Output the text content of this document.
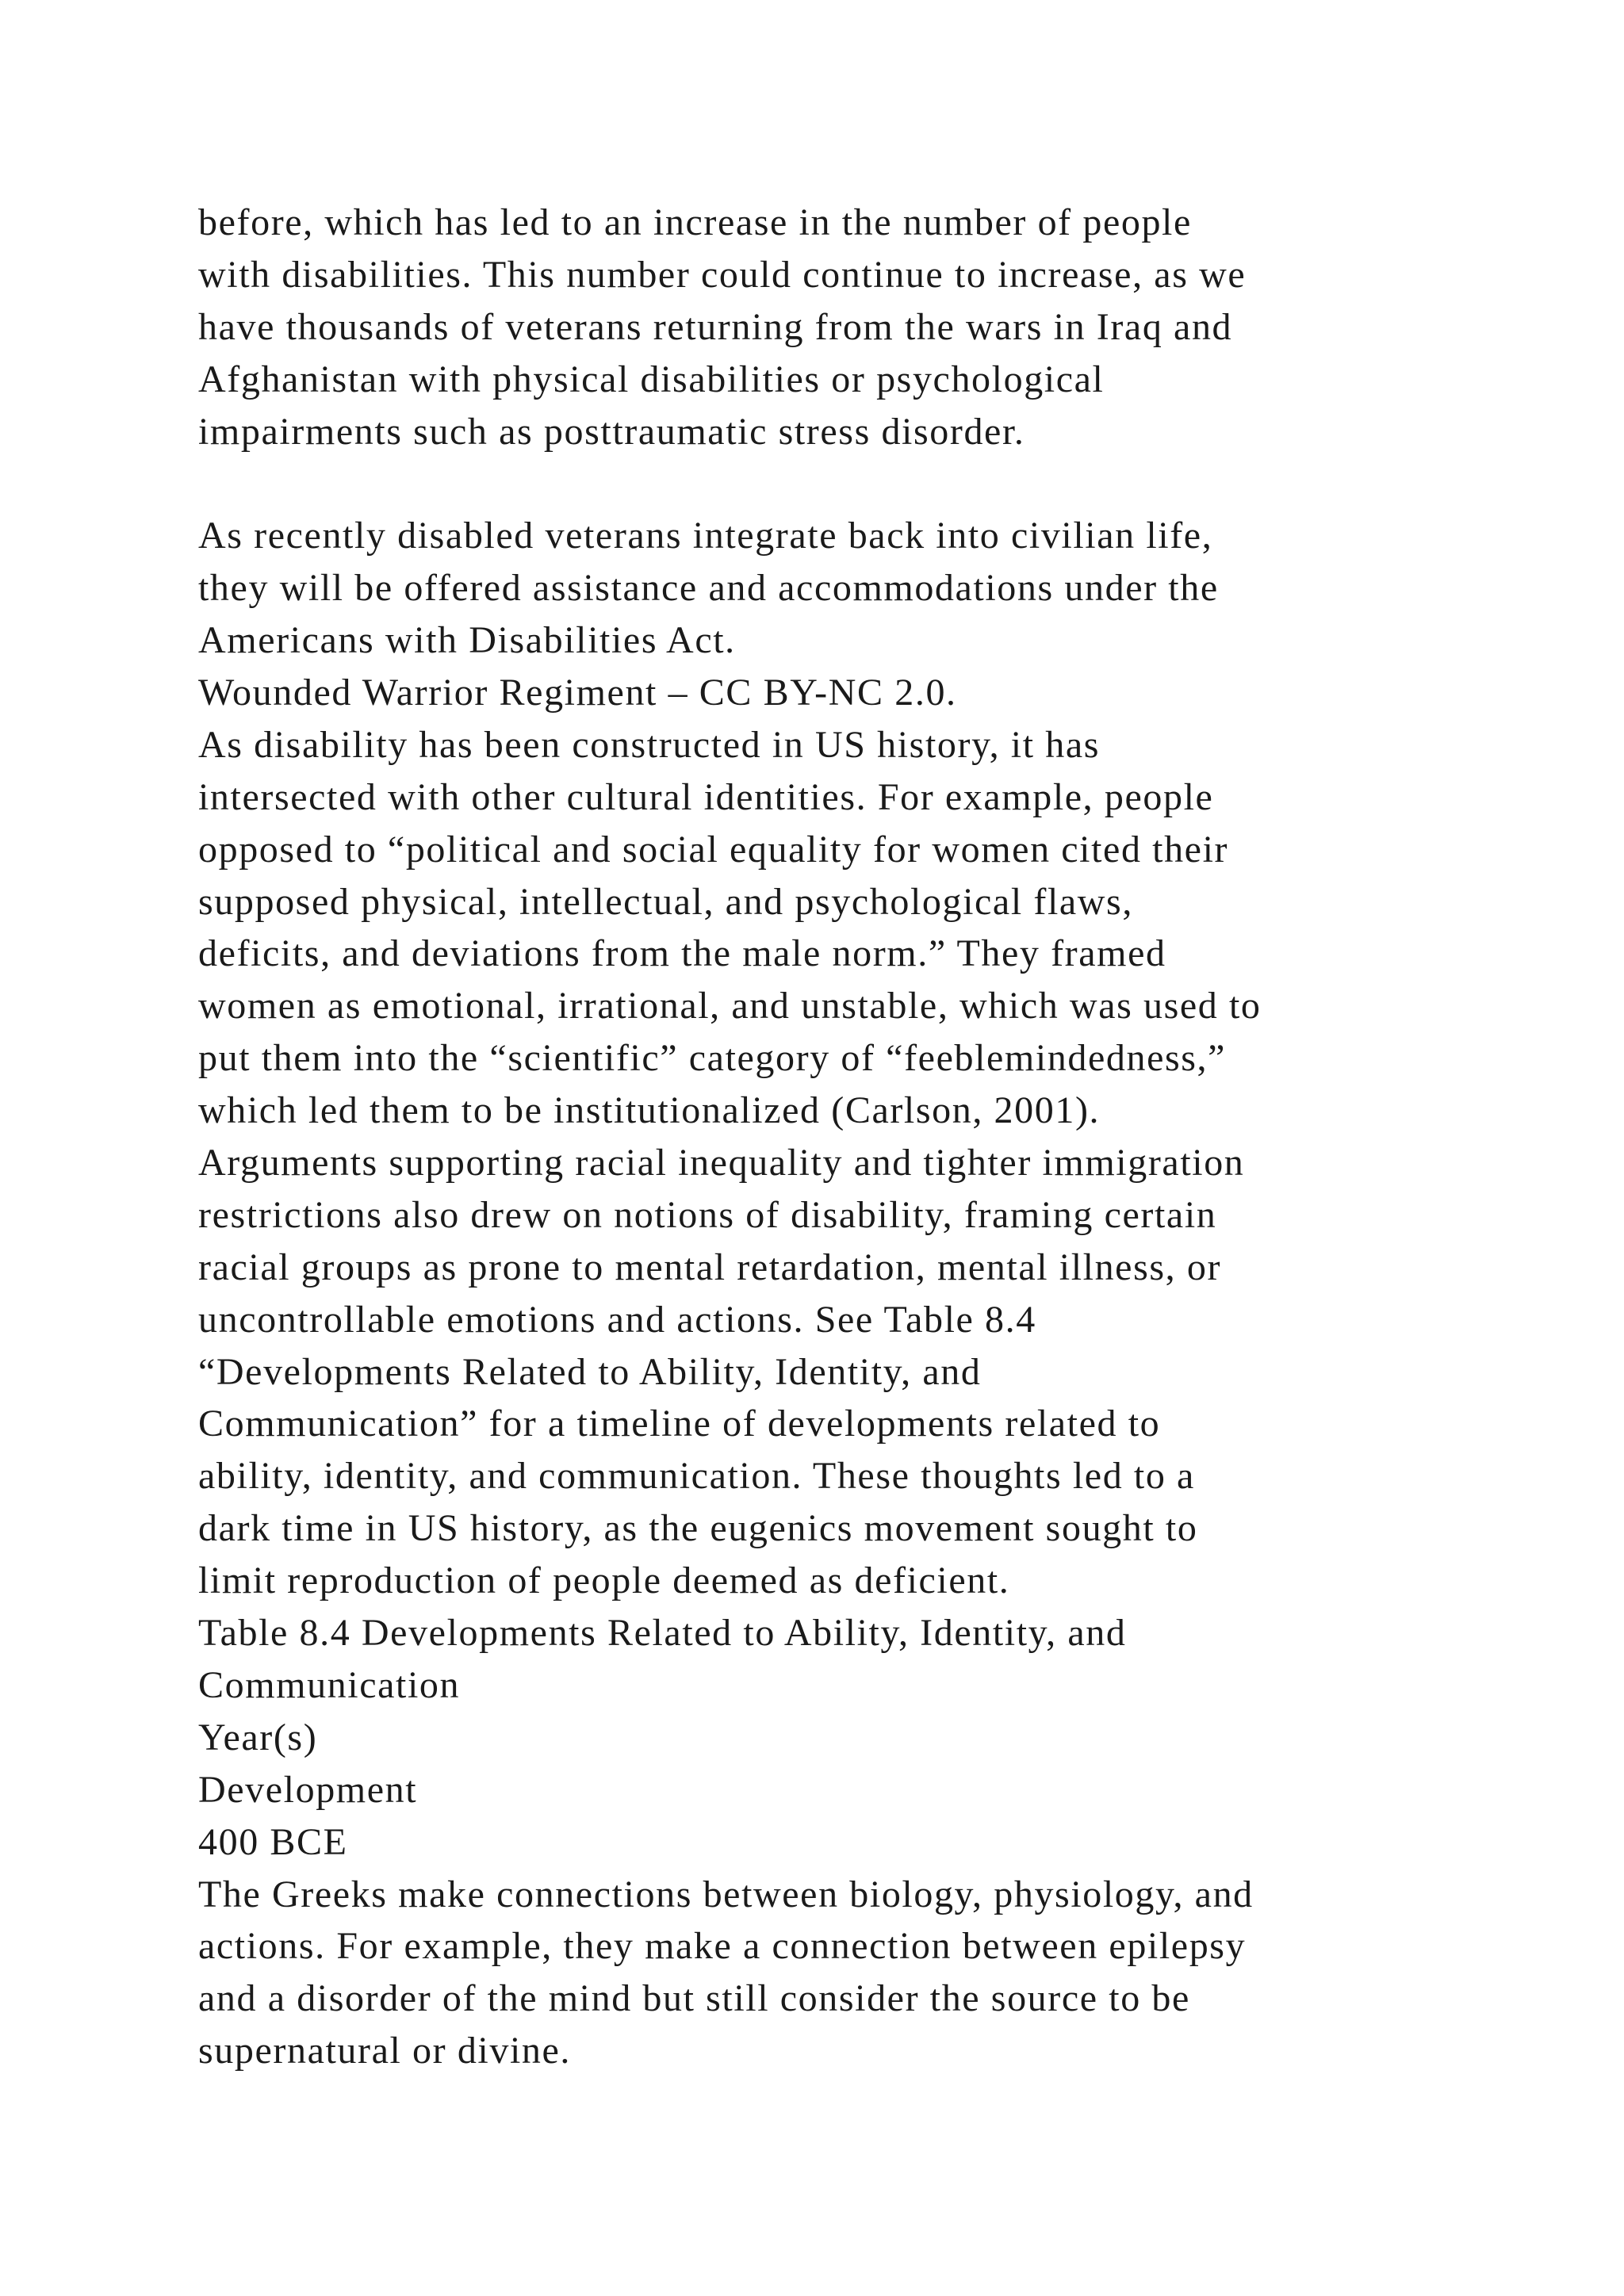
before, which has led to an increase in the number of people
with disabilities. This number could continue to increase, as we
have thousands of veterans returning from the wars in Iraq and
Afghanistan with physical disabilities or psychological
impairments such as posttraumatic stress disorder.
As recently disabled veterans integrate back into civilian life,
they will be offered assistance and accommodations under the
Americans with Disabilities Act.
Wounded Warrior Regiment – CC BY-NC 2.0.
As disability has been constructed in US history, it has
intersected with other cultural identities. For example, people
opposed to “political and social equality for women cited their
supposed physical, intellectual, and psychological flaws,
deficits, and deviations from the male norm.” They framed
women as emotional, irrational, and unstable, which was used to
put them into the “scientific” category of “feeblemindedness,”
which led them to be institutionalized (Carlson, 2001).
Arguments supporting racial inequality and tighter immigration
restrictions also drew on notions of disability, framing certain
racial groups as prone to mental retardation, mental illness, or
uncontrollable emotions and actions. See Table 8.4
“Developments Related to Ability, Identity, and
Communication” for a timeline of developments related to
ability, identity, and communication. These thoughts led to a
dark time in US history, as the eugenics movement sought to
limit reproduction of people deemed as deficient.
Table 8.4 Developments Related to Ability, Identity, and
Communication
Year(s)
Development
400 BCE
The Greeks make connections between biology, physiology, and
actions. For example, they make a connection between epilepsy
and a disorder of the mind but still consider the source to be
supernatural or divine.
